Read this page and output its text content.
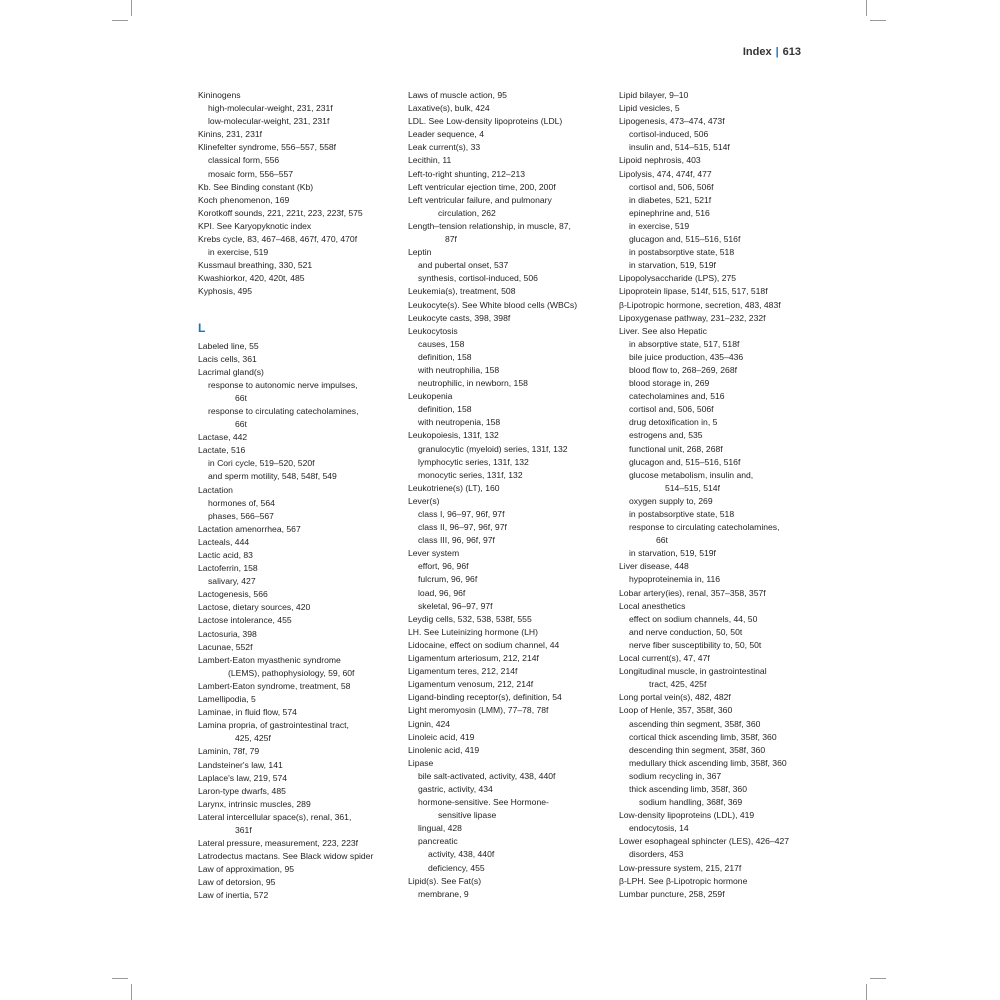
Index | 613
Kininogens
high-molecular-weight, 231, 231f
low-molecular-weight, 231, 231f
Kinins, 231, 231f
Klinefelter syndrome, 556–557, 558f
classical form, 556
mosaic form, 556–557
Kb. See Binding constant (Kb)
Koch phenomenon, 169
Korotkoff sounds, 221, 221t, 223, 223f, 575
KPI. See Karyopyknotic index
Krebs cycle, 83, 467–468, 467f, 470, 470f
in exercise, 519
Kussmaul breathing, 330, 521
Kwashiorkor, 420, 420t, 485
Kyphosis, 495
L
Labeled line, 55
Lacis cells, 361
Lacrimal gland(s)
response to autonomic nerve impulses,
66t
response to circulating catecholamines,
66t
Lactase, 442
Lactate, 516
in Cori cycle, 519–520, 520f
and sperm motility, 548, 548f, 549
Lactation
hormones of, 564
phases, 566–567
Lactation amenorrhea, 567
Lacteals, 444
Lactic acid, 83
Lactoferrin, 158
salivary, 427
Lactogenesis, 566
Lactose, dietary sources, 420
Lactose intolerance, 455
Lactosuria, 398
Lacunae, 552f
Lambert-Eaton myasthenic syndrome
(LEMS), pathophysiology, 59, 60f
Lambert-Eaton syndrome, treatment, 58
Lamellipodia, 5
Laminae, in fluid flow, 574
Lamina propria, of gastrointestinal tract,
425, 425f
Laminin, 78f, 79
Landsteiner's law, 141
Laplace's law, 219, 574
Laron-type dwarfs, 485
Larynx, intrinsic muscles, 289
Lateral intercellular space(s), renal, 361,
361f
Lateral pressure, measurement, 223, 223f
Latrodectus mactans. See Black widow spider
Law of approximation, 95
Law of detorsion, 95
Law of inertia, 572
Laws of muscle action, 95
Laxative(s), bulk, 424
LDL. See Low-density lipoproteins (LDL)
Leader sequence, 4
Leak current(s), 33
Lecithin, 11
Left-to-right shunting, 212–213
Left ventricular ejection time, 200, 200f
Left ventricular failure, and pulmonary
circulation, 262
Length–tension relationship, in muscle, 87,
87f
Leptin
and pubertal onset, 537
synthesis, cortisol-induced, 506
Leukemia(s), treatment, 508
Leukocyte(s). See White blood cells (WBCs)
Leukocyte casts, 398, 398f
Leukocytosis
causes, 158
definition, 158
with neutrophilia, 158
neutrophilic, in newborn, 158
Leukopenia
definition, 158
with neutropenia, 158
Leukopoiesis, 131f, 132
granulocytic (myeloid) series, 131f, 132
lymphocytic series, 131f, 132
monocytic series, 131f, 132
Leukotriene(s) (LT), 160
Lever(s)
class I, 96–97, 96f, 97f
class II, 96–97, 96f, 97f
class III, 96, 96f, 97f
Lever system
effort, 96, 96f
fulcrum, 96, 96f
load, 96, 96f
skeletal, 96–97, 97f
Leydig cells, 532, 538, 538f, 555
LH. See Luteinizing hormone (LH)
Lidocaine, effect on sodium channel, 44
Ligamentum arteriosum, 212, 214f
Ligamentum teres, 212, 214f
Ligamentum venosum, 212, 214f
Ligand-binding receptor(s), definition, 54
Light meromyosin (LMM), 77–78, 78f
Lignin, 424
Linoleic acid, 419
Linolenic acid, 419
Lipase
bile salt-activated, activity, 438, 440f
gastric, activity, 434
hormone-sensitive. See Hormone-
sensitive lipase
lingual, 428
pancreatic
activity, 438, 440f
deficiency, 455
Lipid(s). See Fat(s)
membrane, 9
Lipid bilayer, 9–10
Lipid vesicles, 5
Lipogenesis, 473–474, 473f
cortisol-induced, 506
insulin and, 514–515, 514f
Lipoid nephrosis, 403
Lipolysis, 474, 474f, 477
cortisol and, 506, 506f
in diabetes, 521, 521f
epinephrine and, 516
in exercise, 519
glucagon and, 515–516, 516f
in postabsorptive state, 518
in starvation, 519, 519f
Lipopolysaccharide (LPS), 275
Lipoprotein lipase, 514f, 515, 517, 518f
β-Lipotropic hormone, secretion, 483, 483f
Lipoxygenase pathway, 231–232, 232f
Liver. See also Hepatic
in absorptive state, 517, 518f
bile juice production, 435–436
blood flow to, 268–269, 268f
blood storage in, 269
catecholamines and, 516
cortisol and, 506, 506f
drug detoxification in, 5
estrogens and, 535
functional unit, 268, 268f
glucagon and, 515–516, 516f
glucose metabolism, insulin and,
514–515, 514f
oxygen supply to, 269
in postabsorptive state, 518
response to circulating catecholamines,
66t
in starvation, 519, 519f
Liver disease, 448
hypoproteinemia in, 116
Lobar artery(ies), renal, 357–358, 357f
Local anesthetics
effect on sodium channels, 44, 50
and nerve conduction, 50, 50t
nerve fiber susceptibility to, 50, 50t
Local current(s), 47, 47f
Longitudinal muscle, in gastrointestinal
tract, 425, 425f
Long portal vein(s), 482, 482f
Loop of Henle, 357, 358f, 360
ascending thin segment, 358f, 360
cortical thick ascending limb, 358f, 360
descending thin segment, 358f, 360
medullary thick ascending limb, 358f, 360
sodium recycling in, 367
thick ascending limb, 358f, 360
sodium handling, 368f, 369
Low-density lipoproteins (LDL), 419
endocytosis, 14
Lower esophageal sphincter (LES), 426–427
disorders, 453
Low-pressure system, 215, 217f
β-LPH. See β-Lipotropic hormone
Lumbar puncture, 258, 259f
